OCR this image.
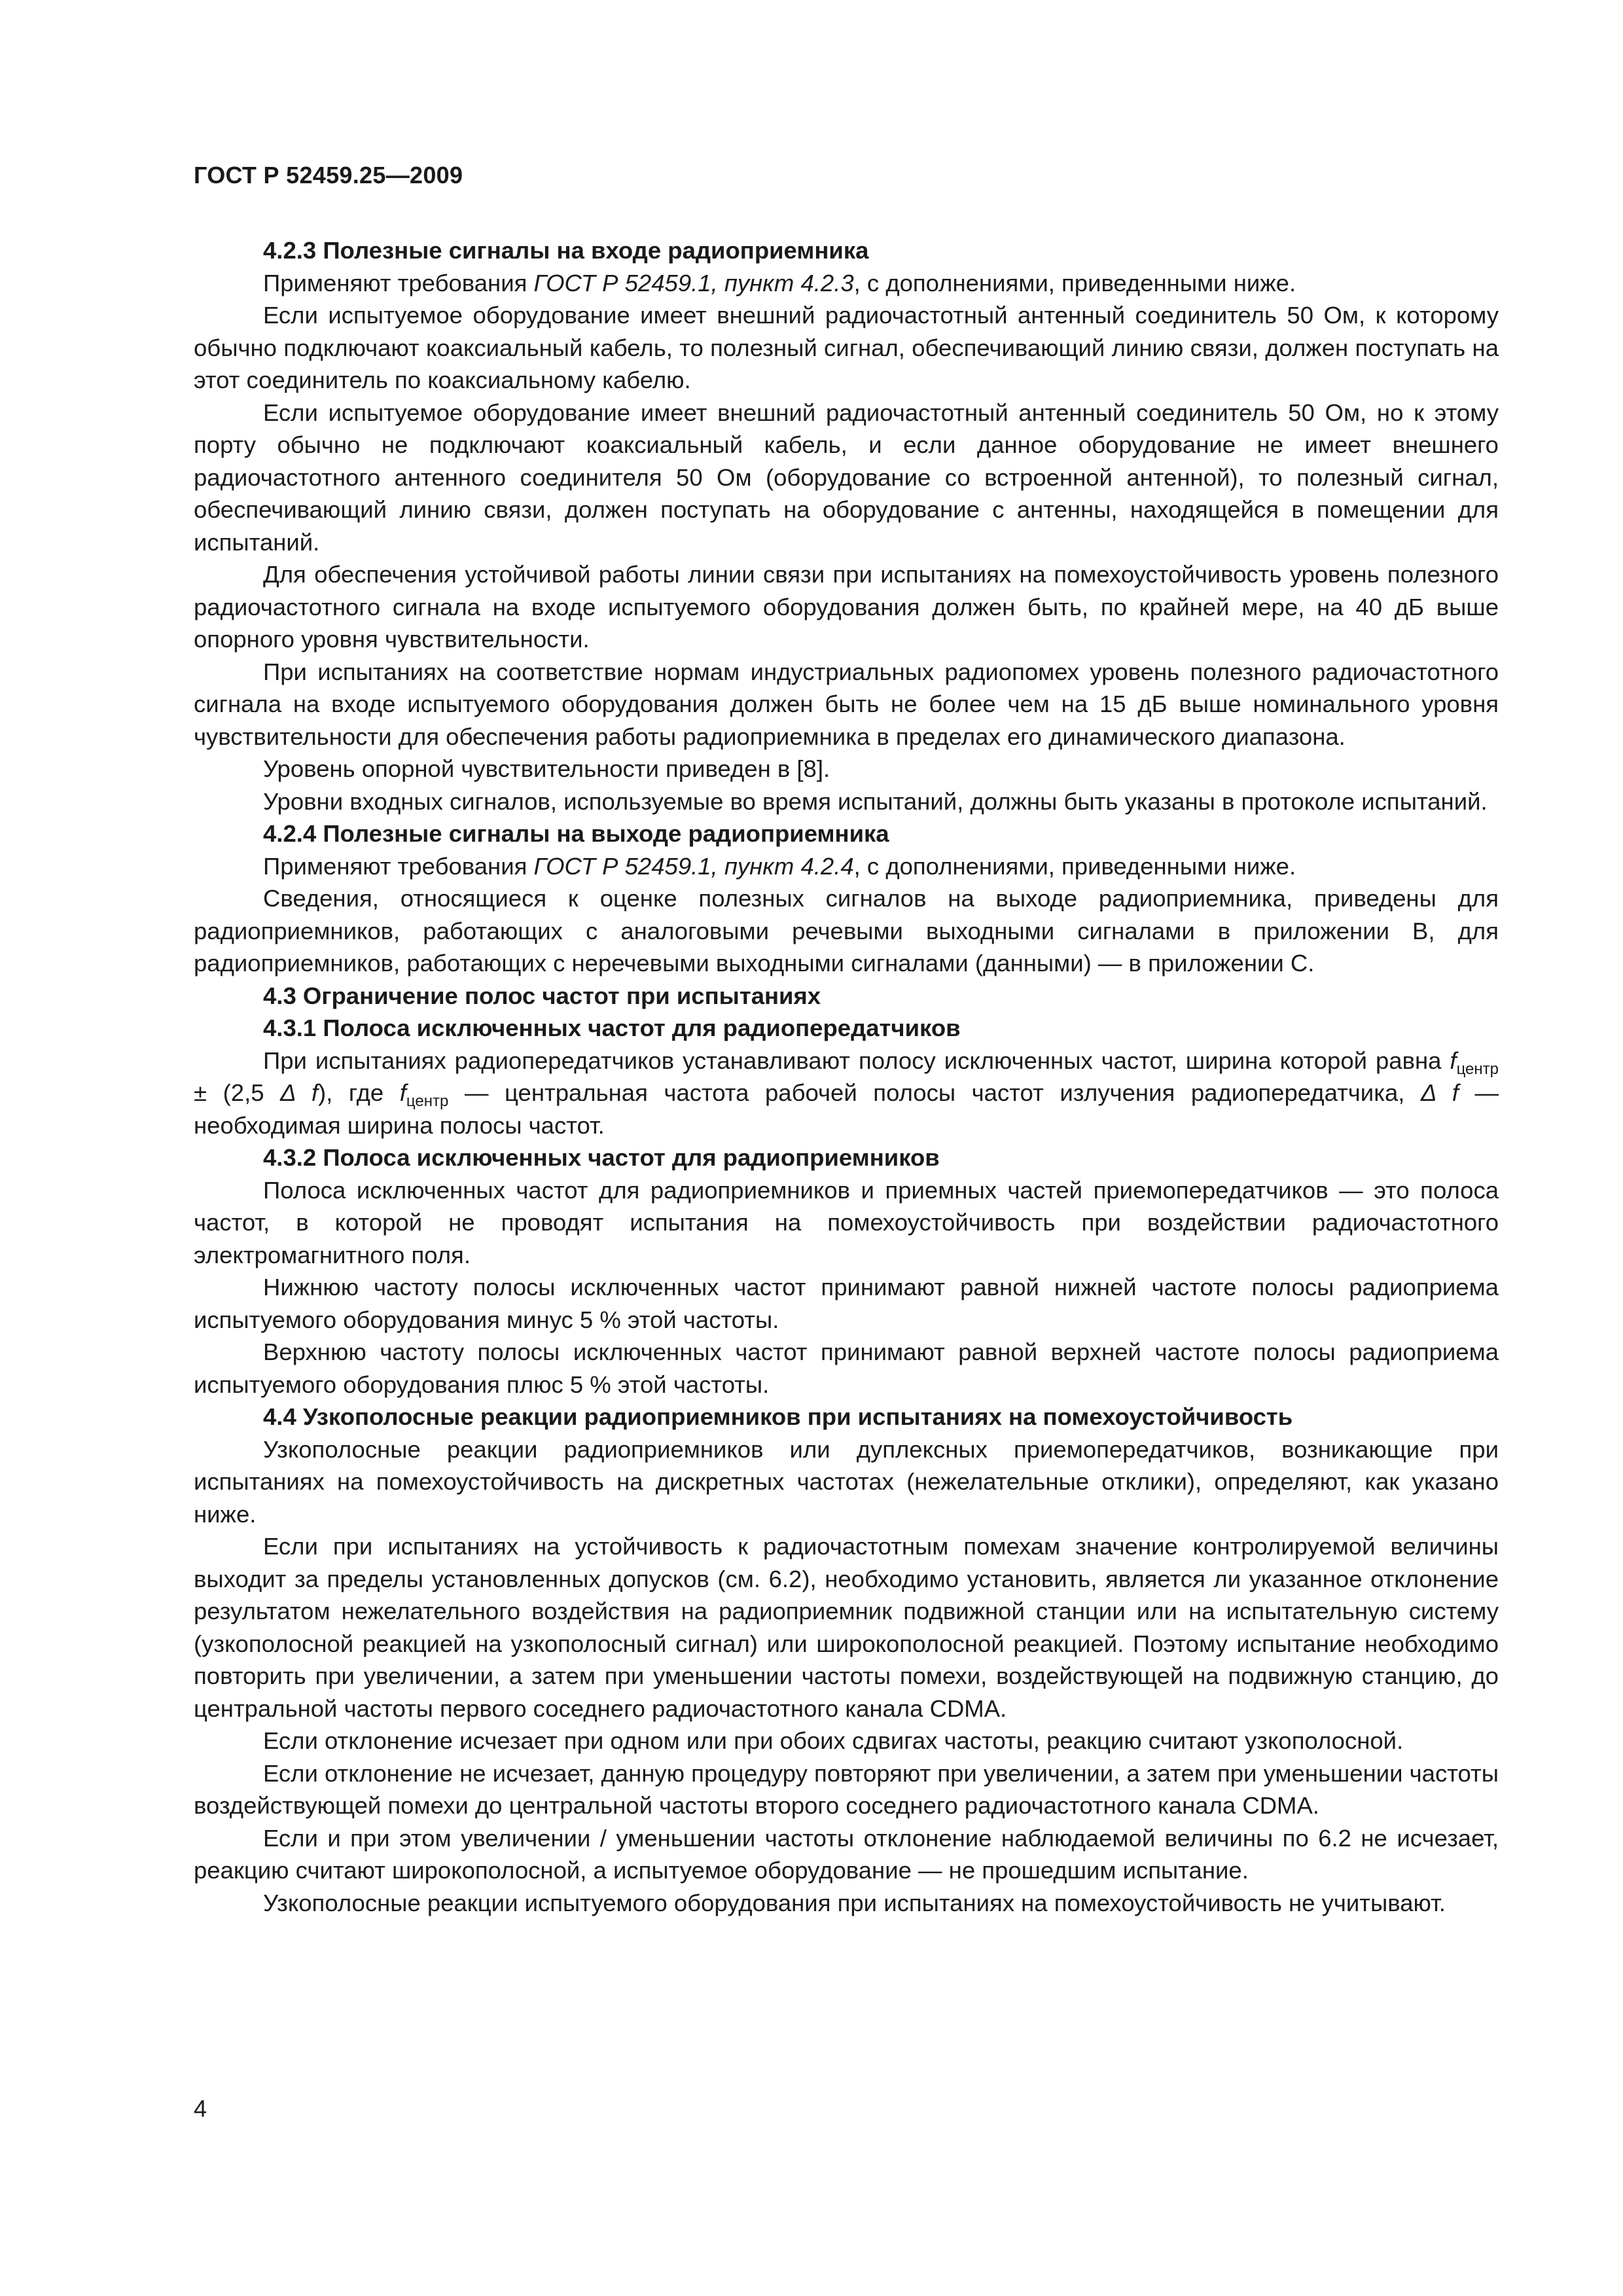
ГОСТ Р 52459.25—2009
4.2.3 Полезные сигналы на входе радиоприемника

Применяют требования ГОСТ Р 52459.1, пункт 4.2.3, с дополнениями, приведенными ниже.

Если испытуемое оборудование имеет внешний радиочастотный антенный соединитель 50 Ом, к которому обычно подключают коаксиальный кабель, то полезный сигнал, обеспечивающий линию связи, должен поступать на этот соединитель по коаксиальному кабелю.

Если испытуемое оборудование имеет внешний радиочастотный антенный соединитель 50 Ом, но к этому порту обычно не подключают коаксиальный кабель, и если данное оборудование не имеет внешнего радиочастотного антенного соединителя 50 Ом (оборудование со встроенной антенной), то полезный сигнал, обеспечивающий линию связи, должен поступать на оборудование с антенны, находящейся в помещении для испытаний.

Для обеспечения устойчивой работы линии связи при испытаниях на помехоустойчивость уровень полезного радиочастотного сигнала на входе испытуемого оборудования должен быть, по крайней мере, на 40 дБ выше опорного уровня чувствительности.

При испытаниях на соответствие нормам индустриальных радиопомех уровень полезного радиочастотного сигнала на входе испытуемого оборудования должен быть не более чем на 15 дБ выше номинального уровня чувствительности для обеспечения работы радиоприемника в пределах его динамического диапазона.

Уровень опорной чувствительности приведен в [8].

Уровни входных сигналов, используемые во время испытаний, должны быть указаны в протоколе испытаний.

4.2.4 Полезные сигналы на выходе радиоприемника

Применяют требования ГОСТ Р 52459.1, пункт 4.2.4, с дополнениями, приведенными ниже.

Сведения, относящиеся к оценке полезных сигналов на выходе радиоприемника, приведены для радиоприемников, работающих с аналоговыми речевыми выходными сигналами в приложении В, для радиоприемников, работающих с неречевыми выходными сигналами (данными) — в приложении С.

4.3 Ограничение полос частот при испытаниях
4.3.1 Полоса исключенных частот для радиопередатчиков

При испытаниях радиопередатчиков устанавливают полосу исключенных частот, ширина которой равна $f_{центр} \pm (2,5$ Δ f), где $f_{центр}$ — центральная частота рабочей полосы частот излучения радиопередатчика, Δ f — необходимая ширина полосы частот.

4.3.2 Полоса исключенных частот для радиоприемников

Полоса исключенных частот для радиоприемников и приемных частей приемопередатчиков — это полоса частот, в которой не проводят испытания на помехоустойчивость при воздействии радиочастотного электромагнитного поля.

Нижнюю частоту полосы исключенных частот принимают равной нижней частоте полосы радиоприема испытуемого оборудования минус 5 % этой частоты.

Верхнюю частоту полосы исключенных частот принимают равной верхней частоте полосы радиоприема испытуемого оборудования плюс 5 % этой частоты.

4.4 Узкополосные реакции радиоприемников при испытаниях на помехоустойчивость

Узкополосные реакции радиоприемников или дуплексных приемопередатчиков, возникающие при испытаниях на помехоустойчивость на дискретных частотах (нежелательные отклики), определяют, как указано ниже.

Если при испытаниях на устойчивость к радиочастотным помехам значение контролируемой величины выходит за пределы установленных допусков (см. 6.2), необходимо установить, является ли указанное отклонение результатом нежелательного воздействия на радиоприемник подвижной станции или на испытательную систему (узкополосной реакцией на узкополосный сигнал) или широкополосной реакцией. Поэтому испытание необходимо повторить при увеличении, а затем при уменьшении частоты помехи, воздействующей на подвижную станцию, до центральной частоты первого соседнего радиочастотного канала CDMA.

Если отклонение исчезает при одном или при обоих сдвигах частоты, реакцию считают узкополосной.

Если отклонение не исчезает, данную процедуру повторяют при увеличении, а затем при уменьшении частоты воздействующей помехи до центральной частоты второго соседнего радиочастотного канала CDMA.

Если и при этом увеличении / уменьшении частоты отклонение наблюдаемой величины по 6.2 не исчезает, реакцию считают широкополосной, а испытуемое оборудование — не прошедшим испытание.

Узкополосные реакции испытуемого оборудования при испытаниях на помехоустойчивость не учитывают.

4
